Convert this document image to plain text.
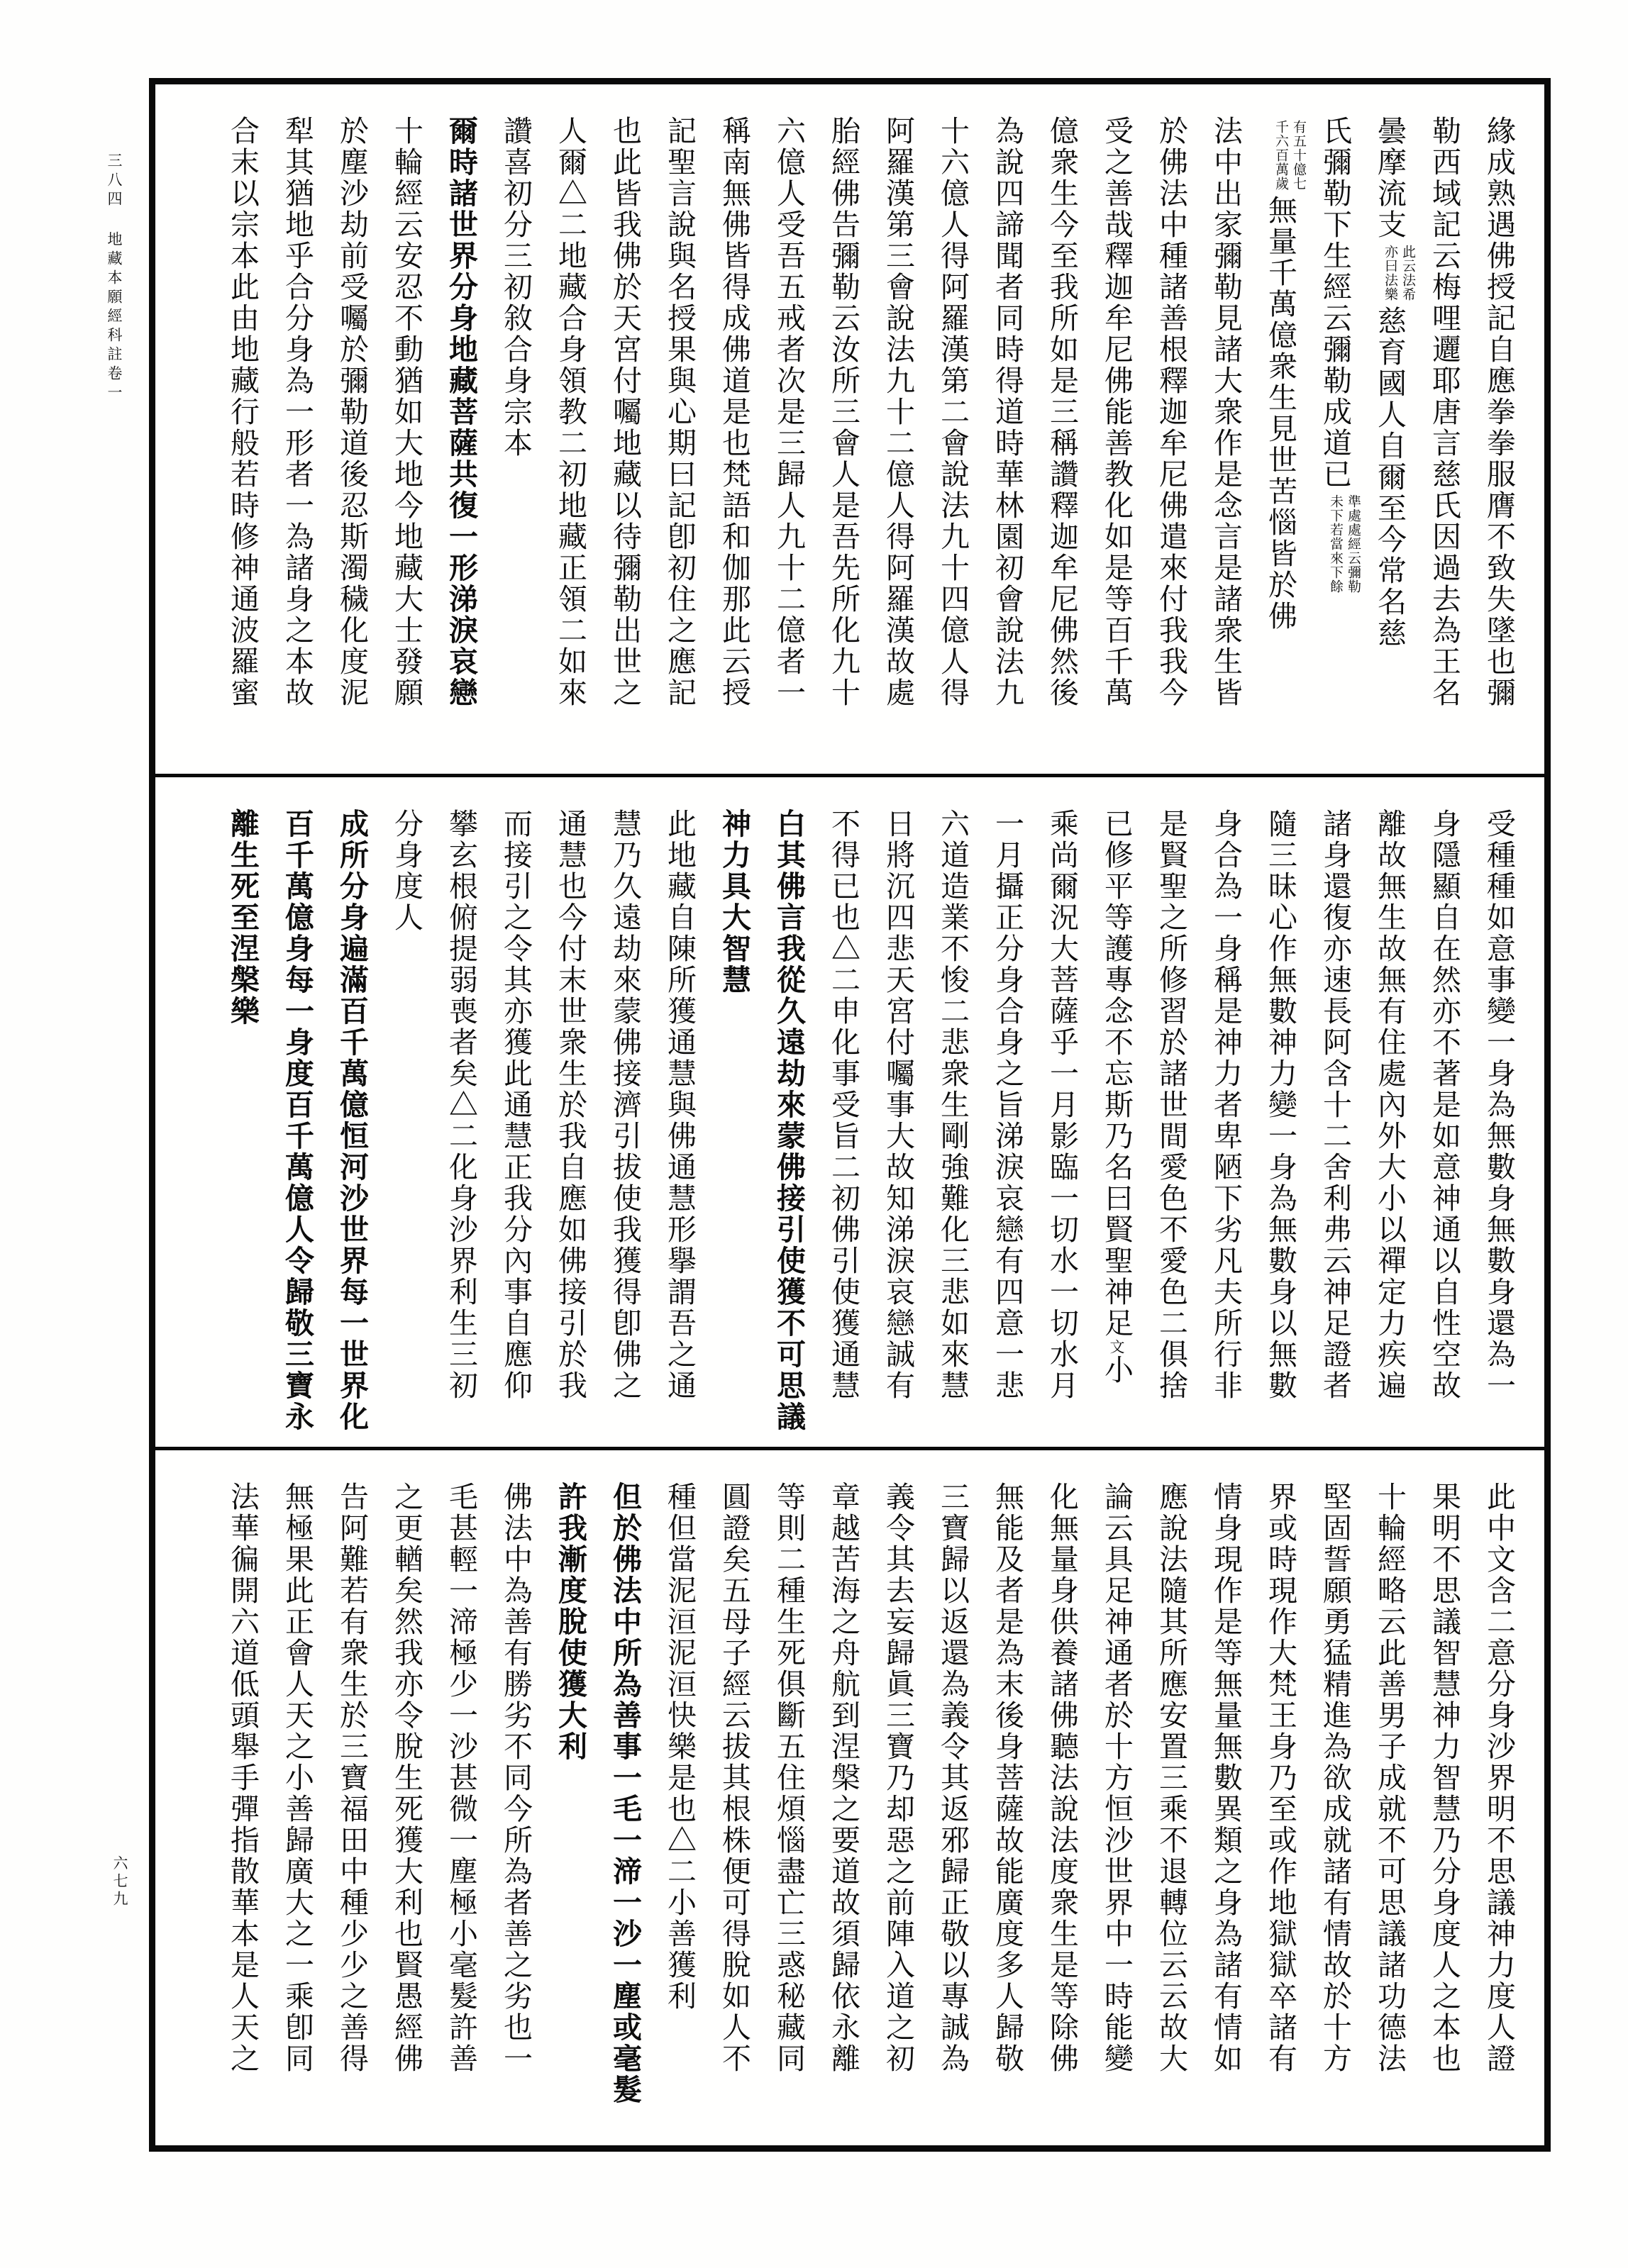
三八四地藏本願經科註卷一
六七九
緣成熟遇佛授記自應拳拳服膺不致失墜也彌
勒西域記云梅哩邐耶唐言慈氏因過去為王名
曇摩流支
此云法希
亦曰法樂
慈育國人自爾至今常名慈
氏彌勒下生經云彌勒成道已
準處處經云彌勒
未下若當來下餘
有五十億七
千六百萬歲
無量千萬億衆生見世苦惱皆於佛
法中出家彌勒見諸大衆作是念言是諸衆生皆
於佛法中種諸善根釋迦牟尼佛遣來付我我今
受之善哉釋迦牟尼佛能善教化如是等百千萬
億衆生今至我所如是三稱讚釋迦牟尼佛然後
為說四諦聞者同時得道時華林園初會說法九
十六億人得阿羅漢第二會說法九十四億人得
阿羅漢第三會說法九十二億人得阿羅漢故處
胎經佛告彌勒云汝所三會人是吾先所化九十
六億人受吾五戒者次是三歸人九十二億者一
稱南無佛皆得成佛道是也梵語和伽那此云授
記聖言說與名授果與心期曰記卽初住之應記
也此皆我佛於天宮付囑地藏以待彌勒出世之
人爾△二地藏合身領教二初地藏正領二如來
讚喜初分三初敘合身宗本
爾時諸世界分身地藏菩薩共復一形涕淚哀戀
十輪經云安忍不動猶如大地今地藏大士發願
於塵沙劫前受囑於彌勒道後忍斯濁穢化度泥
犁其猶地乎合分身為一形者一為諸身之本故
合末以宗本此由地藏行般若時修神通波羅蜜
受種種如意事變一身為無數身無數身還為一
身隱顯自在然亦不著是如意神通以自性空故
離故無生故無有住處內外大小以禪定力疾遍
諸身還復亦速長阿含十二舍利弗云神足證者
隨三昧心作無數神力變一身為無數身以無數
身合為一身稱是神力者卑陋下劣凡夫所行非
是賢聖之所修習於諸世間愛色不愛色二俱捨
已修平等護專念不忘斯乃名曰賢聖神足文小
乘尚爾況大菩薩乎一月影臨一切水一切水月
一月攝正分身合身之旨涕淚哀戀有四意一悲
六道造業不悛二悲衆生剛強難化三悲如來慧
日將沉四悲天宮付囑事大故知涕淚哀戀誠有
不得已也△二申化事受旨二初佛引使獲通慧
白其佛言我從久遠劫來蒙佛接引使獲不可思議
神力具大智慧
此地藏自陳所獲通慧與佛通慧形擧謂吾之通
慧乃久遠劫來蒙佛接濟引拔使我獲得卽佛之
通慧也今付末世衆生於我自應如佛接引於我
而接引之令其亦獲此通慧正我分內事自應仰
攀玄根俯提弱喪者矣△二化身沙界利生三初
分身度人
成所分身遍滿百千萬億恒河沙世界每一世界化
百千萬億身每一身度百千萬億人令歸敬三寶永
離生死至涅槃樂
此中文含二意分身沙界明不思議神力度人證
果明不思議智慧神力智慧乃分身度人之本也
十輪經略云此善男子成就不可思議諸功德法
堅固誓願勇猛精進為欲成就諸有情故於十方
界或時現作大梵王身乃至或作地獄獄卒諸有
情身現作是等無量無數異類之身為諸有情如
應說法隨其所應安置三乘不退轉位云云故大
論云具足神通者於十方恒沙世界中一時能變
化無量身供養諸佛聽法說法度衆生是等除佛
無能及者是為末後身菩薩故能廣度多人歸敬
三寶歸以返還為義令其返邪歸正敬以專誠為
義令其去妄歸眞三寶乃却惡之前陣入道之初
章越苦海之舟航到涅槃之要道故須歸依永離
等則二種生死俱斷五住煩惱盡亡三惑秘藏同
圓證矣五母子經云拔其根株便可得脫如人不
種但當泥洹泥洹快樂是也△二小善獲利
但於佛法中所為善事一毛一渧一沙一塵或毫髮
許我漸度脫使獲大利
佛法中為善有勝劣不同今所為者善之劣也一
毛甚輕一渧極少一沙甚微一塵極小毫髮許善
之更輶矣然我亦令脫生死獲大利也賢愚經佛
告阿難若有衆生於三寶福田中種少少之善得
無極果此正會人天之小善歸廣大之一乘卽同
法華徧開六道低頭舉手彈指散華本是人天之
